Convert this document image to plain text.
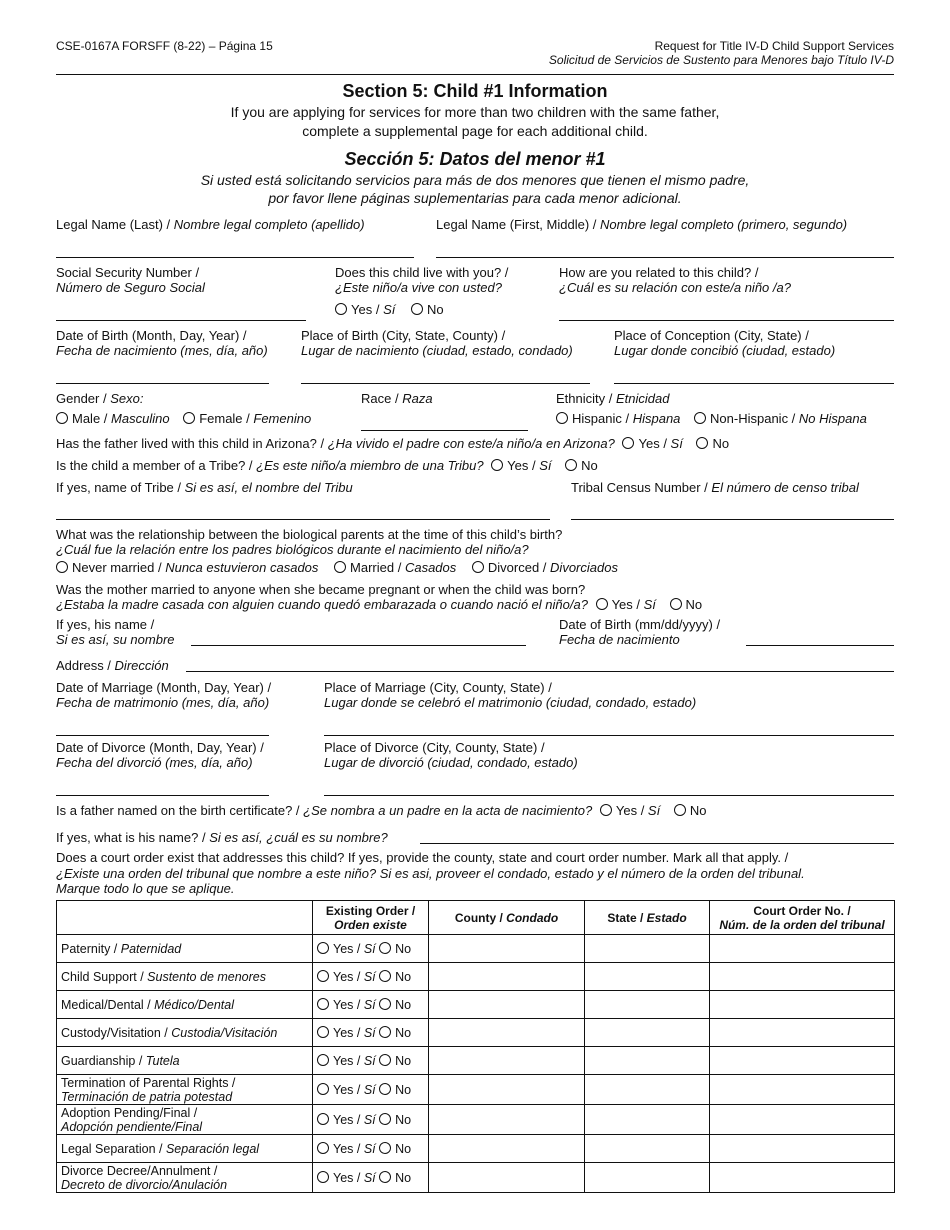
CSE-0167A FORSFF (8-22) – Página 15	Request for Title IV-D Child Support Services
Solicitud de Servicios de Sustento para Menores bajo Título IV-D
Section 5: Child #1 Information
If you are applying for services for more than two children with the same father,
complete a supplemental page for each additional child.
Sección 5: Datos del menor #1
Si usted está solicitando servicios para más de dos menores que tienen el mismo padre,
por favor llene páginas suplementarias para cada menor adicional.
Legal Name (Last) / Nombre legal completo (apellido)	Legal Name (First, Middle) / Nombre legal completo (primero, segundo)
Social Security Number /
Número de Seguro Social
Does this child live with you? /
¿Este niño/a vive con usted?
Yes / Sí No
How are you related to this child? /
¿Cuál es su relación con este/a niño /a?
Date of Birth (Month, Day, Year) /
Fecha de nacimiento (mes, día, año)
Place of Birth (City, State, County) /
Lugar de nacimiento (ciudad, estado, condado)
Place of Conception (City, State) /
Lugar donde concibió (ciudad, estado)
Gender / Sexo:
Male / Masculino Female / Femenino
Race / Raza	Ethnicity / Etnicidad
Hispanic / Hispana Non-Hispanic / No Hispana
Has the father lived with this child in Arizona? / ¿Ha vivido el padre con este/a niño/a en Arizona? Yes / Sí No
Is the child a member of a Tribe? / ¿Es este niño/a miembro de una Tribu? Yes / Sí No
If yes, name of Tribe / Si es así, el nombre del Tribu	Tribal Census Number / El número de censo tribal
What was the relationship between the biological parents at the time of this child’s birth?
¿Cuál fue la relación entre los padres biológicos durante el nacimiento del niño/a?
Never married / Nunca estuvieron casados Married / Casados Divorced / Divorciados
Was the mother married to anyone when she became pregnant or when the child was born?
¿Estaba la madre casada con alguien cuando quedó embarazada o cuando nació el niño/a? Yes / Sí No
If yes, his name /
Si es así, su nombre
Date of Birth (mm/dd/yyyy) /
Fecha de nacimiento
Address / Dirección
Date of Marriage (Month, Day, Year) /
Fecha de matrimonio (mes, día, año)
Place of Marriage (City, County, State) /
Lugar donde se celebró el matrimonio (ciudad, condado, estado)
Date of Divorce (Month, Day, Year) /
Fecha del divorció (mes, día, año)
Place of Divorce (City, County, State) /
Lugar de divorció (ciudad, condado, estado)
Is a father named on the birth certificate? / ¿Se nombra a un padre en la acta de nacimiento? Yes / Sí No
If yes, what is his name? / Si es así, ¿cuál es su nombre?
Does a court order exist that addresses this child? If yes, provide the county, state and court order number. Mark all that apply. /
¿Existe una orden del tribunal que nombre a este niño? Si es asi, proveer el condado, estado y el número de la orden del tribunal.
Marque todo lo que se aplique.
	Existing Order /
Orden existe	County / Condado	State / Estado	Court Order No. /
Núm. de la orden del tribunal
Paternity / Paternidad	Yes / Sí No			
Child Support / Sustento de menores	Yes / Sí No			
Medical/Dental / Médico/Dental	Yes / Sí No			
Custody/Visitation / Custodia/Visitación	Yes / Sí No			
Guardianship / Tutela	Yes / Sí No			
Termination of Parental Rights /
Terminación de patria potestad	Yes / Sí No			
Adoption Pending/Final /
Adopción pendiente/Final	Yes / Sí No			
Legal Separation / Separación legal	Yes / Sí No			
Divorce Decree/Annulment /
Decreto de divorcio/Anulación	Yes / Sí No			
